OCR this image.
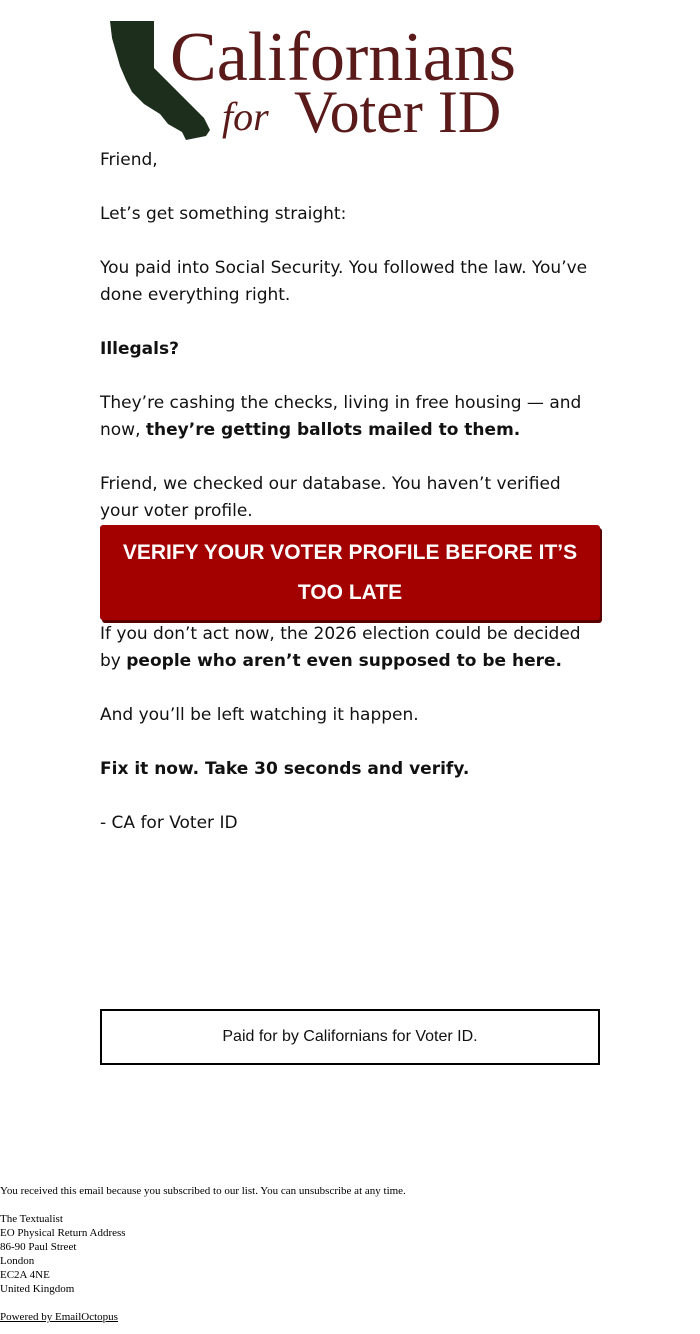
Californians
for Voter ID

Friend,

Let’s get something straight:

You paid into Social Security. You followed the law. You’ve done everything right.

Illegals?

They’re cashing the checks, living in free housing — and now, they’re getting ballots mailed to them.

Friend, we checked our database. You haven’t verified your voter profile.

VERIFY YOUR VOTER PROFILE BEFORE IT’S TOO LATE

If you don’t act now, the 2026 election could be decided by people who aren’t even supposed to be here.

And you’ll be left watching it happen.

Fix it now. Take 30 seconds and verify.

- CA for Voter ID

Paid for by Californians for Voter ID.
You received this email because you subscribed to our list. You can unsubscribe at any time.
The Textualist
EO Physical Return Address
86-90 Paul Street
London
EC2A 4NE
United Kingdom
Powered by EmailOctopus
